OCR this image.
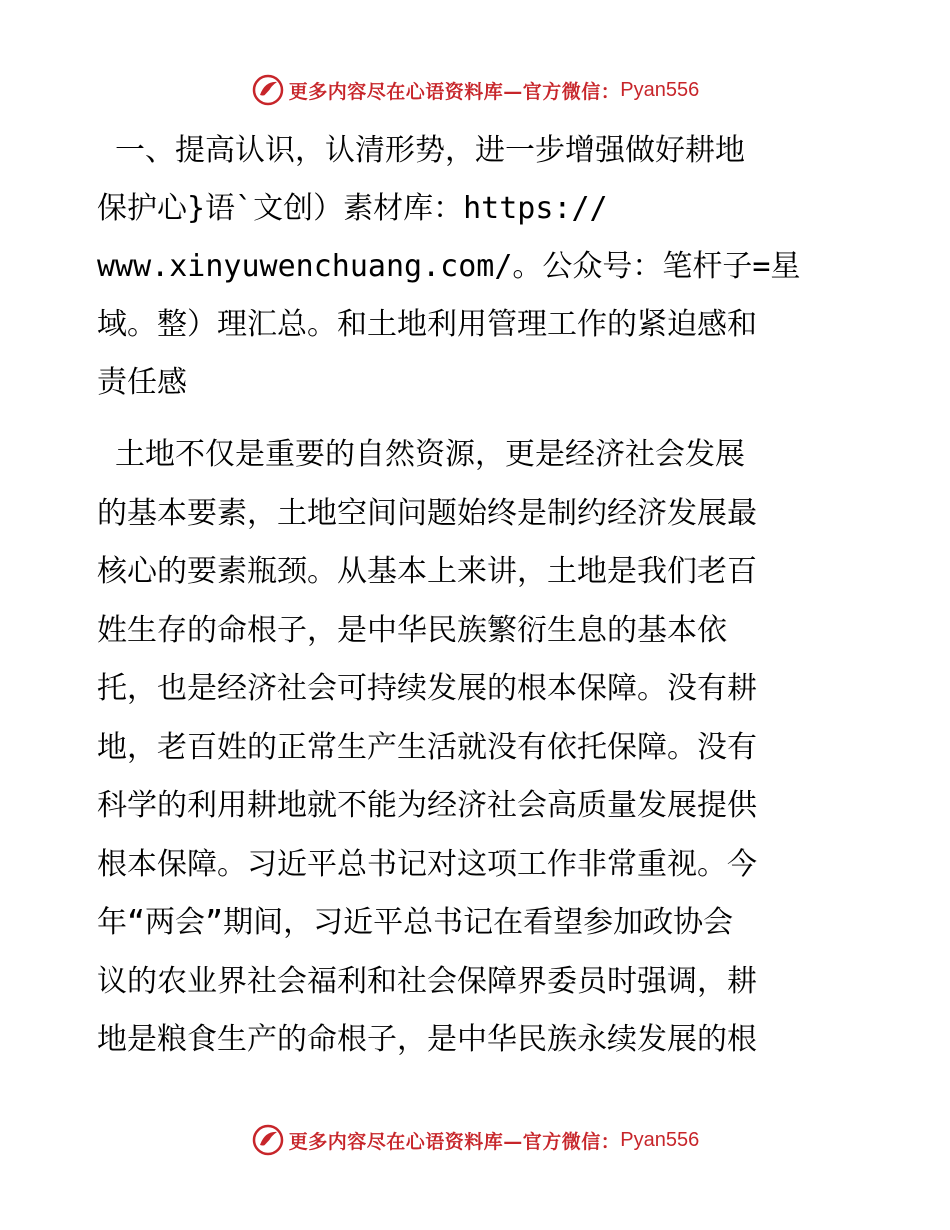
更多内容尽在心语资料库—官方微信： Pyan556

一、提高认识，认清形势，进一步增强做好耕地
保护心}语`文创）素材库：https://
www.xinyuwenchuang.com/。公众号：笔杆子=星
域。整）理汇总。和土地利用管理工作的紧迫感和
责任感

土地不仅是重要的自然资源，更是经济社会发展
的基本要素，土地空间问题始终是制约经济发展最
核心的要素瓶颈。从基本上来讲，土地是我们老百
姓生存的命根子，是中华民族繁衍生息的基本依
托，也是经济社会可持续发展的根本保障。没有耕
地，老百姓的正常生产生活就没有依托保障。没有
科学的利用耕地就不能为经济社会高质量发展提供
根本保障。习近平总书记对这项工作非常重视。今
年“两会”期间，习近平总书记在看望参加政协会
议的农业界社会福利和社会保障界委员时强调，耕
地是粮食生产的命根子，是中华民族永续发展的根

更多内容尽在心语资料库—官方微信： Pyan556
